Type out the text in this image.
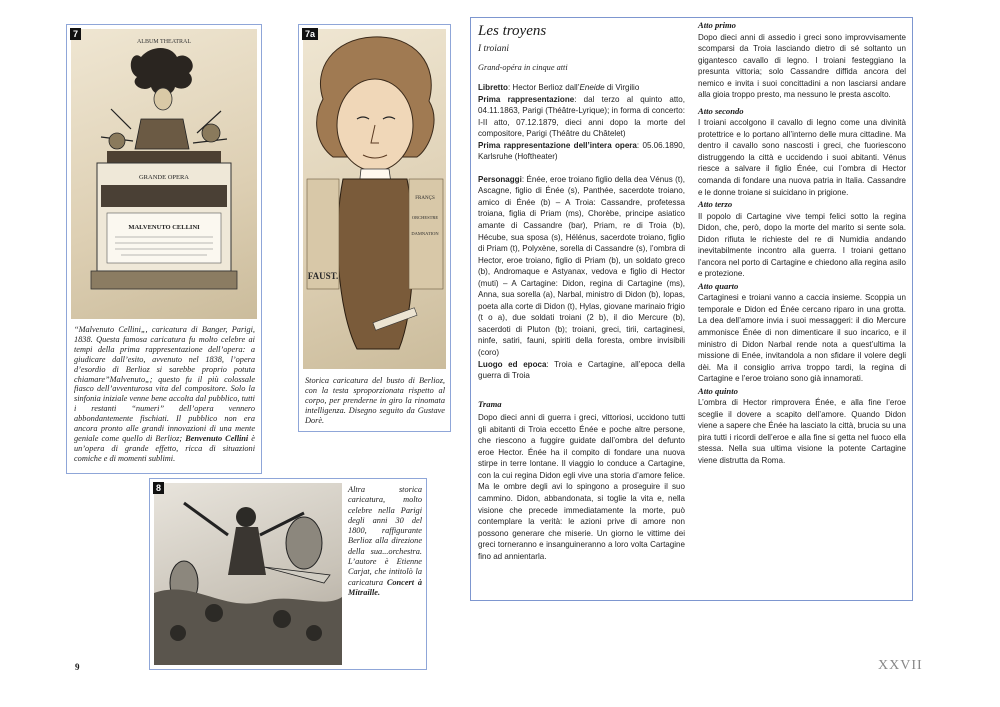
ALBUM THEATRAL
GRANDE OPERA
MALVENUTO CELLINI
7
“Malvenuto Cellini„, caricatura di Banger, Parigi, 1838. Questa famosa caricatura fu molto celebre ai tempi della prima rappresentazione dell’opera: a giudicare dall’esito, avvenuto nel 1838, l’opera d’esordio di Berlioz si sarebbe proprio potuta chiamare”Malvenuto„; questo fu il più colossale fiasco dell’avventurosa vita del compositore. Solo la sinfonia iniziale venne bene accolta dal pubblico, tutti i restanti “numeri” dell’opera vennero abbondantemente fischiati. Il pubblico non era ancora pronto alle grandi innovazioni di una mente geniale come quello di Berlioz; Benvenuto Cellini è un’opera di grande effetto, ricca di situazioni comiche e di momenti sublimi.
FAUST.
FRANÇS
ORCHESTRE
DAMNATION
7a
Storica caricatura del busto di Berlioz, con la testa sproporzionata rispetto al corpo, per prenderne in giro la rinomata intelligenza. Disegno seguito da Gustave Dorè.
8	Altra storica caricatura, molto celebre nella Parigi degli anni 30 del 1800, raffigurante Berlioz alla direzione della sua...orchestra. L’autore è Etienne Carjat, che intitolò la caricatura Concert à Mitraille.
Les troyens
I troiani
Grand-opéra in cinque atti

Libretto: Hector Berlioz dall’Eneide di Virgilio

Prima rappresentazione: dal terzo al quinto atto, 04.11.1863, Parigi (Théâtre-Lyrique); in forma di concerto: I-II atto, 07.12.1879, dieci anni dopo la morte del compositore, Parigi (Théâtre du Châtelet)

Prima rappresentazione dell’intera opera: 05.06.1890, Karlsruhe (Hoftheater)

Personaggi: Énée, eroe troiano figlio della dea Vénus (t), Ascagne, figlio di Énée (s), Panthée, sacerdote troiano, amico di Énée (b) – A Troia: Cassandre, profetessa troiana, figlia di Priam (ms), Chorèbe, principe asiatico amante di Cassandre (bar), Priam, re di Troia (b), Hécube, sua sposa (s), Hélénus, sacerdote troiano, figlio di Priam (t), Polyxène, sorella di Cassandre (s), l’ombra di Hector, eroe troiano, figlio di Priam (b), un soldato greco (b), Andromaque e Astyanax, vedova e figlio di Hector (muti) – A Cartagine: Didon, regina di Cartagine (ms), Anna, sua sorella (a), Narbal, ministro di Didon (b), Iopas, poeta alla corte di Didon (t), Hylas, giovane marinaio frigio (t o a), due soldati troiani (2 b), il dio Mercure (b), sacerdoti di Pluton (b); troiani, greci, tirii, cartaginesi, ninfe, satiri, fauni, spiriti della foresta, ombre invisibili (coro)

Luogo ed epoca: Troia e Cartagine, all’epoca della guerra di Troia

Trama

Dopo dieci anni di guerra i greci, vittoriosi, uccidono tutti gli abitanti di Troia eccetto Énée e poche altre persone, che riescono a fuggire guidate dall’ombra del defunto eroe Hector. Énée ha il compito di fondare una nuova stirpe in terre lontane. Il viaggio lo conduce a Cartagine, con la cui regina Didon egli vive una storia d’amore felice. Ma le ombre degli avi lo spingono a proseguire il suo cammino. Didon, abbandonata, si toglie la vita e, nella visione che precede immediatamente la morte, può contemplare la verità: le azioni prive di amore non possono generare che miserie. Un giorno le vittime dei greci torneranno e insanguineranno a loro volta Cartagine fino ad annientarla.

Atto primo

Dopo dieci anni di assedio i greci sono improvvisamente scomparsi da Troia lasciando dietro di sé soltanto un gigantesco cavallo di legno. I troiani festeggiano la presunta vittoria; solo Cassandre diffida ancora del nemico e invita i suoi concittadini a non lasciarsi andare alla gioia troppo presto, ma nessuno le presta ascolto.

Atto secondo

I troiani accolgono il cavallo di legno come una divinità protettrice e lo portano all’interno delle mura cittadine. Ma dentro il cavallo sono nascosti i greci, che fuoriescono distruggendo la città e uccidendo i suoi abitanti. Vénus riesce a salvare il figlio Énée, cui l’ombra di Hector comanda di fondare una nuova patria in Italia. Cassandre e le donne troiane si suicidano in prigione.

Atto terzo

Il popolo di Cartagine vive tempi felici sotto la regina Didon, che, però, dopo la morte del marito si sente sola. Didon rifiuta le richieste del re di Numidia andando inevitabilmente incontro alla guerra. I troiani gettano l’ancora nel porto di Cartagine e chiedono alla regina asilo e protezione.

Atto quarto

Cartaginesi e troiani vanno a caccia insieme. Scoppia un temporale e Didon ed Énée cercano riparo in una grotta. La dea dell’amore invia i suoi messaggeri: il dio Mercure ammonisce Énée di non dimenticare il suo incarico, e il ministro di Didon Narbal rende nota a quest’ultima la missione di Enée, invitandola a non sfidare il volere degli dèi. Ma il consiglio arriva troppo tardi, la regina di Cartagine e l’eroe troiano sono già innamorati.

Atto quinto

L’ombra di Hector rimprovera Énée, e alla fine l’eroe sceglie il dovere a scapito dell’amore. Quando Didon viene a sapere che Énée ha lasciato la città, brucia su una pira tutti i ricordi dell’eroe e alla fine si getta nel fuoco ella stessa. Nella sua ultima visione la potente Cartagine viene distrutta da Roma.

9	XXVII
